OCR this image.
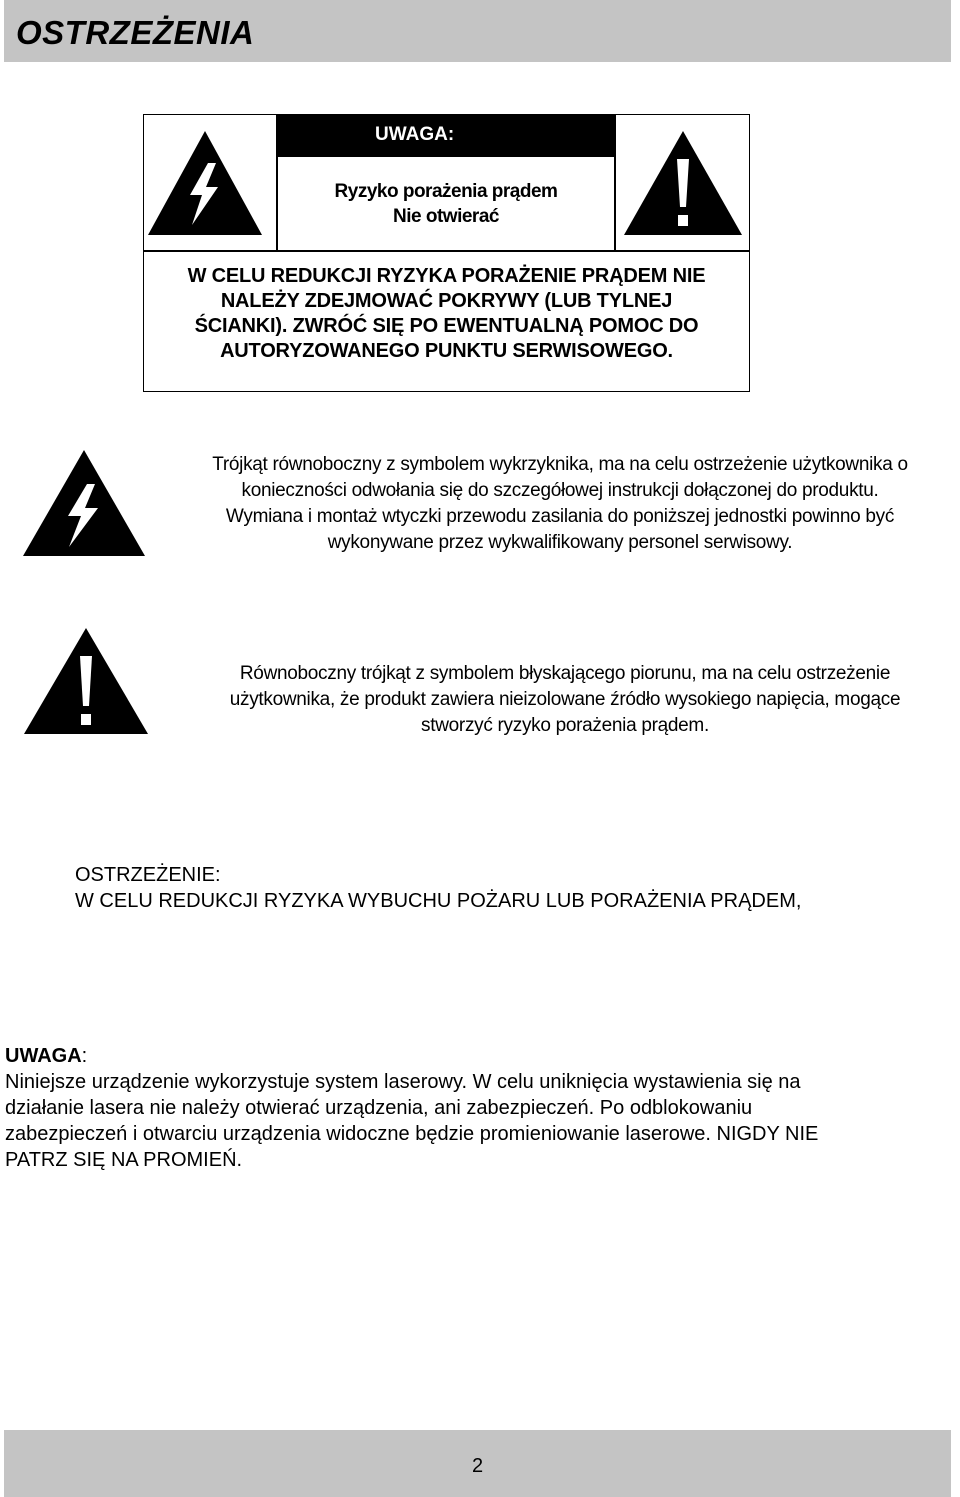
OSTRZEŻENIA
UWAGA:
Ryzyko porażenia prądem
Nie otwierać
W CELU REDUKCJI RYZYKA PORAŻENIE PRĄDEM NIE
NALEŻY ZDEJMOWAĆ POKRYWY (LUB TYLNEJ
ŚCIANKI). ZWRÓĆ SIĘ PO EWENTUALNĄ POMOC DO
AUTORYZOWANEGO PUNKTU SERWISOWEGO.
Trójkąt równoboczny z symbolem wykrzyknika, ma na celu ostrzeżenie użytkownika o
konieczności odwołania się do szczegółowej instrukcji dołączonej do produktu.
Wymiana i montaż wtyczki przewodu zasilania do poniższej jednostki powinno być
wykonywane przez wykwalifikowany personel serwisowy.
Równoboczny trójkąt z symbolem błyskającego piorunu, ma na celu ostrzeżenie
użytkownika, że produkt zawiera nieizolowane źródło wysokiego napięcia, mogące
stworzyć ryzyko porażenia prądem.
OSTRZEŻENIE:
W CELU REDUKCJI RYZYKA WYBUCHU POŻARU LUB PORAŻENIA PRĄDEM,
UWAGA:
Niniejsze urządzenie wykorzystuje system laserowy. W celu uniknięcia wystawienia się na
działanie lasera nie należy otwierać urządzenia, ani zabezpieczeń. Po odblokowaniu
zabezpieczeń i otwarciu urządzenia widoczne będzie promieniowanie laserowe. NIGDY NIE
PATRZ SIĘ NA PROMIEŃ.
2
